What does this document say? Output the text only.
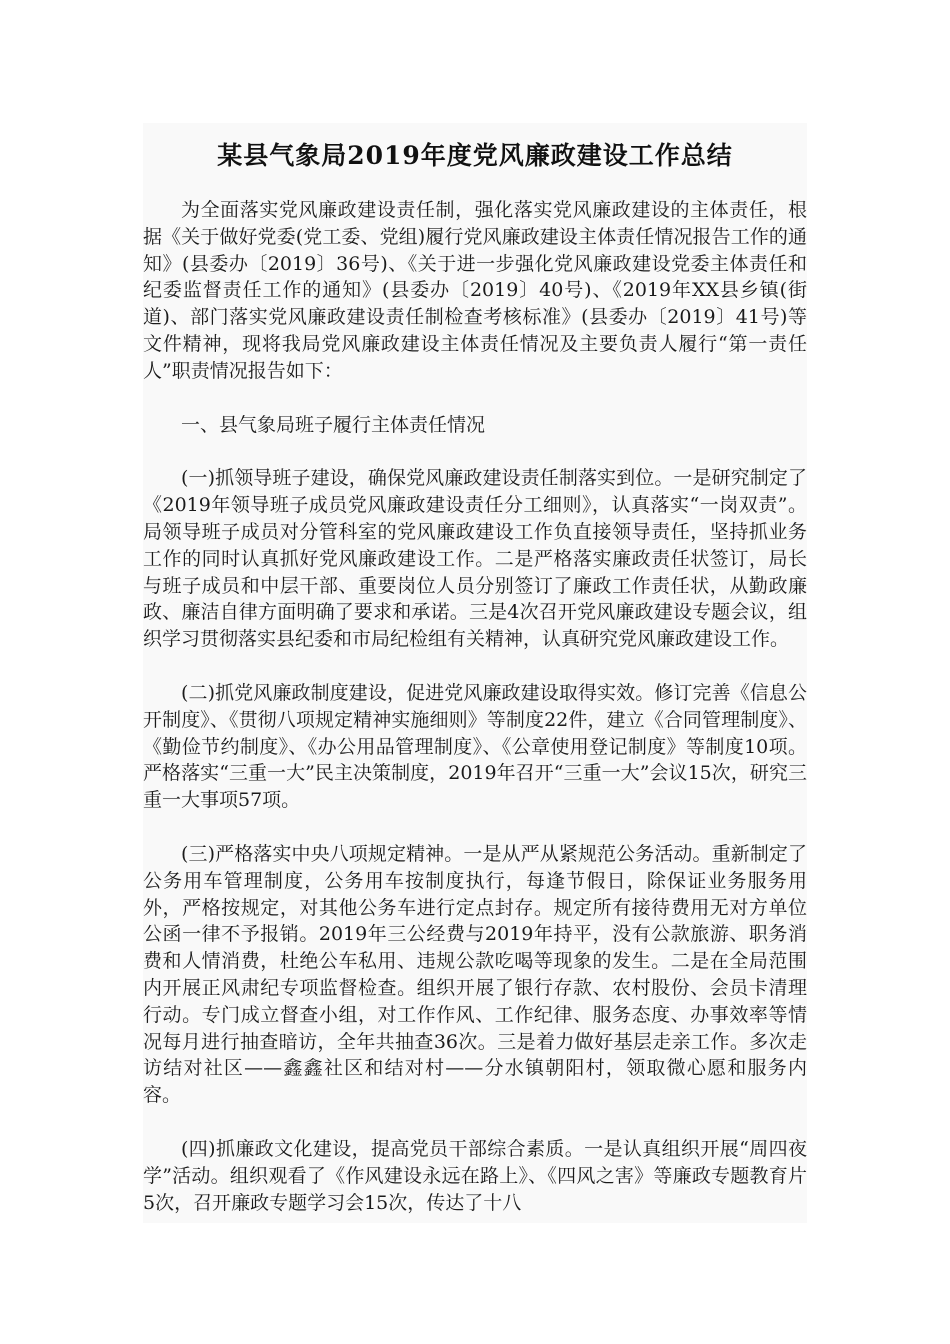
某县气象局2019年度党风廉政建设工作总结

为全面落实党风廉政建设责任制，强化落实党风廉政建设的主体责任，根据《关于做好党委(党工委、党组)履行党风廉政建设主体责任情况报告工作的通知》(县委办〔2019〕36号)、《关于进一步强化党风廉政建设党委主体责任和纪委监督责任工作的通知》(县委办〔2019〕40号)、《2019年XX县乡镇(街道)、部门落实党风廉政建设责任制检查考核标准》(县委办〔2019〕41号)等文件精神，现将我局党风廉政建设主体责任情况及主要负责人履行“第一责任人”职责情况报告如下：

一、县气象局班子履行主体责任情况

(一)抓领导班子建设，确保党风廉政建设责任制落实到位。一是研究制定了《2019年领导班子成员党风廉政建设责任分工细则》，认真落实“一岗双责”。局领导班子成员对分管科室的党风廉政建设工作负直接领导责任，坚持抓业务工作的同时认真抓好党风廉政建设工作。二是严格落实廉政责任状签订，局长与班子成员和中层干部、重要岗位人员分别签订了廉政工作责任状，从勤政廉政、廉洁自律方面明确了要求和承诺。三是4次召开党风廉政建设专题会议，组织学习贯彻落实县纪委和市局纪检组有关精神，认真研究党风廉政建设工作。

(二)抓党风廉政制度建设，促进党风廉政建设取得实效。修订完善《信息公开制度》、《贯彻八项规定精神实施细则》等制度22件，建立《合同管理制度》、《勤俭节约制度》、《办公用品管理制度》、《公章使用登记制度》等制度10项。严格落实“三重一大”民主决策制度，2019年召开“三重一大”会议15次，研究三重一大事项57项。

(三)严格落实中央八项规定精神。一是从严从紧规范公务活动。重新制定了公务用车管理制度，公务用车按制度执行，每逢节假日，除保证业务服务用外，严格按规定，对其他公务车进行定点封存。规定所有接待费用无对方单位公函一律不予报销。2019年三公经费与2019年持平，没有公款旅游、职务消费和人情消费，杜绝公车私用、违规公款吃喝等现象的发生。二是在全局范围内开展正风肃纪专项监督检查。组织开展了银行存款、农村股份、会员卡清理行动。专门成立督查小组，对工作作风、工作纪律、服务态度、办事效率等情况每月进行抽查暗访，全年共抽查36次。三是着力做好基层走亲工作。多次走访结对社区——鑫鑫社区和结对村——分水镇朝阳村，领取微心愿和服务内容。

(四)抓廉政文化建设，提高党员干部综合素质。一是认真组织开展“周四夜学”活动。组织观看了《作风建设永远在路上》、《四风之害》等廉政专题教育片5次，召开廉政专题学习会15次，传达了十八
